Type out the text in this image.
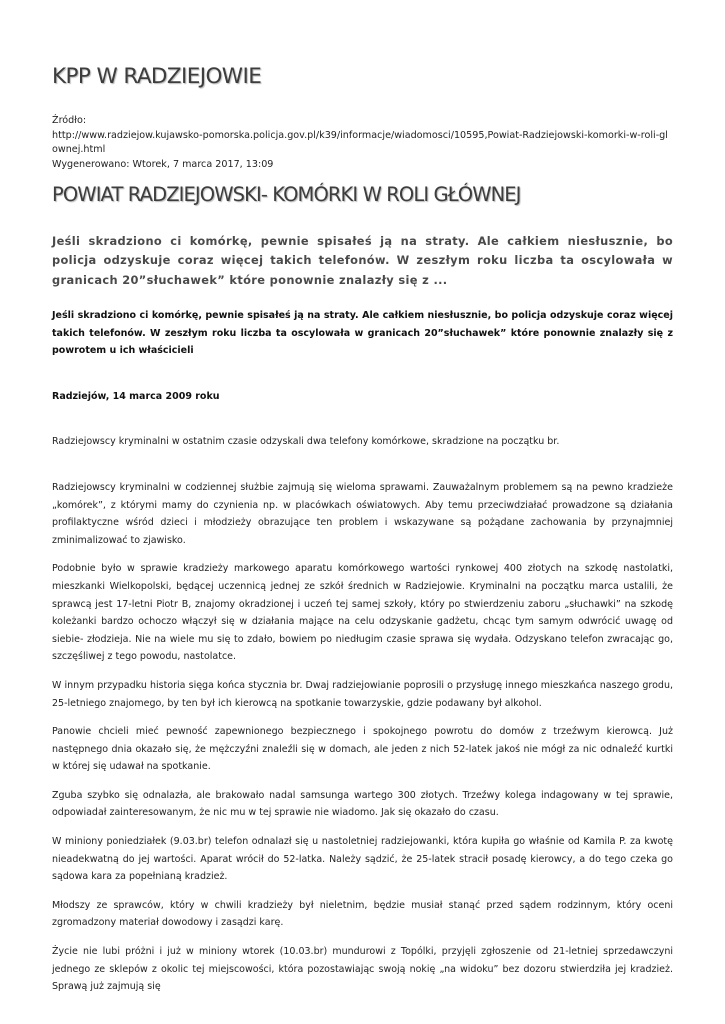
KPP W RADZIEJOWIE
Źródło:
http://www.radziejow.kujawsko-pomorska.policja.gov.pl/k39/informacje/wiadomosci/10595,Powiat-Radziejowski-komorki-w-roli-glownej.html
Wygenerowano: Wtorek, 7 marca 2017, 13:09
POWIAT RADZIEJOWSKI- KOMÓRKI W ROLI GŁÓWNEJ

Jeśli skradziono ci komórkę, pewnie spisałeś ją na straty. Ale całkiem niesłusznie, bo policja odzyskuje coraz więcej takich telefonów. W zeszłym roku liczba ta oscylowała w granicach 20”słuchawek” które ponownie znalazły się z ...

Jeśli skradziono ci komórkę, pewnie spisałeś ją na straty. Ale całkiem niesłusznie, bo policja odzyskuje coraz więcej takich telefonów. W zeszłym roku liczba ta oscylowała w granicach 20”słuchawek” które ponownie znalazły się z powrotem u ich właścicieli

Radziejów, 14 marca 2009 roku

Radziejowscy kryminalni w ostatnim czasie odzyskali dwa telefony komórkowe, skradzione na początku br.

Radziejowscy kryminalni w codziennej służbie zajmują się wieloma sprawami. Zauważalnym problemem są na pewno kradzieże „komórek”, z którymi mamy do czynienia np. w placówkach oświatowych. Aby temu przeciwdziałać prowadzone są działania profilaktyczne wśród dzieci i młodzieży obrazujące ten problem i wskazywane są pożądane zachowania by przynajmniej zminimalizować to zjawisko.

Podobnie było w sprawie kradzieży markowego aparatu komórkowego wartości rynkowej 400 złotych na szkodę nastolatki, mieszkanki Wielkopolski, będącej uczennicą jednej ze szkół średnich w Radziejowie. Kryminalni na początku marca ustalili, że sprawcą jest 17-letni Piotr B, znajomy okradzionej i uczeń tej samej szkoły, który po stwierdzeniu zaboru „słuchawki” na szkodę koleżanki bardzo ochoczo włączył się w działania mające na celu odzyskanie gadżetu, chcąc tym samym odwrócić uwagę od siebie- złodzieja. Nie na wiele mu się to zdało, bowiem po niedługim czasie sprawa się wydała. Odzyskano telefon zwracając go, szczęśliwej z tego powodu, nastolatce.

W innym przypadku historia sięga końca stycznia br. Dwaj radziejowianie poprosili o przysługę innego mieszkańca naszego grodu, 25-letniego znajomego, by ten był ich kierowcą na spotkanie towarzyskie, gdzie podawany był alkohol.

Panowie chcieli mieć pewność zapewnionego bezpiecznego i spokojnego powrotu do domów z trzeźwym kierowcą. Już następnego dnia okazało się, że mężczyźni znaleźli się w domach, ale jeden z nich 52-latek jakoś nie mógł za nic odnaleźć kurtki w której się udawał na spotkanie.

Zguba szybko się odnalazła, ale brakowało nadal samsunga wartego 300 złotych. Trzeźwy kolega indagowany w tej sprawie, odpowiadał zainteresowanym, że nic mu w tej sprawie nie wiadomo. Jak się okazało do czasu.

W miniony poniedziałek (9.03.br) telefon odnalazł się u nastoletniej radziejowanki, która kupiła go właśnie od Kamila P. za kwotę nieadekwatną do jej wartości. Aparat wrócił do 52-latka. Należy sądzić, że 25-latek stracił posadę kierowcy, a do tego czeka go sądowa kara za popełnianą kradzież.

Młodszy ze sprawców, który w chwili kradzieży był nieletnim, będzie musiał stanąć przed sądem rodzinnym, który oceni zgromadzony materiał dowodowy i zasądzi karę.

Życie nie lubi próżni i już w miniony wtorek (10.03.br) mundurowi z Topólki, przyjęli zgłoszenie od 21-letniej sprzedawczyni jednego ze sklepów z okolic tej miejscowości, która pozostawiając swoją nokię „na widoku” bez dozoru stwierdziła jej kradzież. Sprawą już zajmują się
